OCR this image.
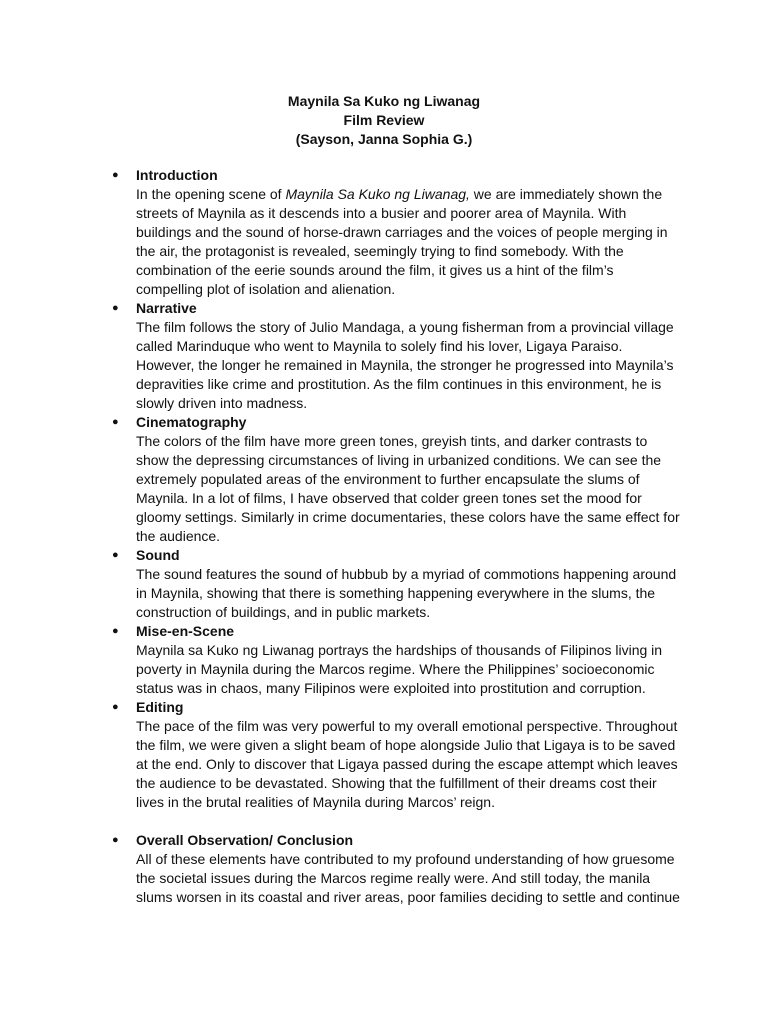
Maynila Sa Kuko ng Liwanag
Film Review
(Sayson, Janna Sophia G.)
● Introduction

In the opening scene of Maynila Sa Kuko ng Liwanag, we are immediately shown the streets of Maynila as it descends into a busier and poorer area of Maynila. With buildings and the sound of horse-drawn carriages and the voices of people merging in the air, the protagonist is revealed, seemingly trying to find somebody. With the combination of the eerie sounds around the film, it gives us a hint of the film’s compelling plot of isolation and alienation.

● Narrative

The film follows the story of Julio Mandaga, a young fisherman from a provincial village called Marinduque who went to Maynila to solely find his lover, Ligaya Paraiso. However, the longer he remained in Maynila, the stronger he progressed into Maynila’s depravities like crime and prostitution. As the film continues in this environment, he is slowly driven into madness.

● Cinematography

The colors of the film have more green tones, greyish tints, and darker contrasts to show the depressing circumstances of living in urbanized conditions. We can see the extremely populated areas of the environment to further encapsulate the slums of Maynila. In a lot of films, I have observed that colder green tones set the mood for gloomy settings. Similarly in crime documentaries, these colors have the same effect for the audience.

● Sound

The sound features the sound of hubbub by a myriad of commotions happening around in Maynila, showing that there is something happening everywhere in the slums, the construction of buildings, and in public markets.

● Mise-en-Scene

Maynila sa Kuko ng Liwanag portrays the hardships of thousands of Filipinos living in poverty in Maynila during the Marcos regime. Where the Philippines’ socioeconomic status was in chaos, many Filipinos were exploited into prostitution and corruption.

● Editing

The pace of the film was very powerful to my overall emotional perspective. Throughout the film, we were given a slight beam of hope alongside Julio that Ligaya is to be saved at the end. Only to discover that Ligaya passed during the escape attempt which leaves the audience to be devastated. Showing that the fulfillment of their dreams cost their lives in the brutal realities of Maynila during Marcos’ reign.

● Overall Observation/ Conclusion

All of these elements have contributed to my profound understanding of how gruesome the societal issues during the Marcos regime really were. And still today, the manila slums worsen in its coastal and river areas, poor families deciding to settle and continue
